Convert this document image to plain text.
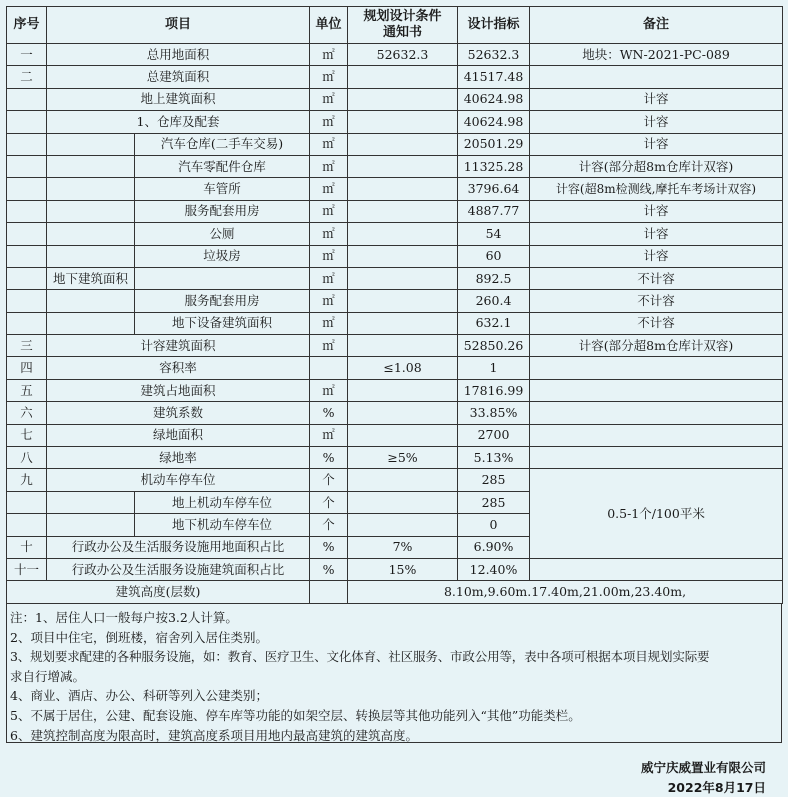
序号	项目		单位	规划设计条件通知书	设计指标	备注
一	总用地面积		㎡	52632.3	52632.3	地块：WN-2021-PC-089
二	总建筑面积		㎡		41517.48	
	地上建筑面积		㎡		40624.98	计容
	1、仓库及配套		㎡		40624.98	计容
		汽车仓库(二手车交易)	㎡		20501.29	计容
		汽车零配件仓库	㎡		11325.28	计容(部分超8m仓库计双容)
		车管所	㎡		3796.64	计容(超8m检测线,摩托车考场计双容)
		服务配套用房	㎡		4887.77	计容
		公厕	㎡		54	计容
		垃圾房	㎡		60	计容
	地下建筑面积		㎡		892.5	不计容
		服务配套用房	㎡		260.4	不计容
		地下设备建筑面积	㎡		632.1	不计容
三	计容建筑面积		㎡		52850.26	计容(部分超8m仓库计双容)
四	容积率			≤1.08	1	
五	建筑占地面积		㎡		17816.99	
六	建筑系数		%		33.85%	
七	绿地面积		㎡		2700	
八	绿地率		%	≥5%	5.13%	
九	机动车停车位		个		285	0.5-1个/100平米
		地上机动车停车位	个		285	
		地下机动车停车位	个		0	
十	行政办公及生活服务设施用地面积占比		%	7%	6.90%	
十一	行政办公及生活服务设施建筑面积占比		%	15%	12.40%	
建筑高度(层数)				8.10m,9.60m.17.40m,21.00m,23.40m,		
注：1、居住人口一般每户按3.2人计算。
2、项目中住宅，倒班楼，宿舍列入居住类别。
3、规划要求配建的各种服务设施，如：教育、医疗卫生、文化体育、社区服务、市政公用等，表中各项可根据本项目规划实际要
求自行增减。
4、商业、酒店、办公、科研等列入公建类别；
5、不属于居住，公建、配套设施、停车库等功能的如架空层、转换层等其他功能列入“其他”功能类栏。
6、建筑控制高度为限高时，建筑高度系项目用地内最高建筑的建筑高度。
威宁庆威置业有限公司
2022年8月17日
